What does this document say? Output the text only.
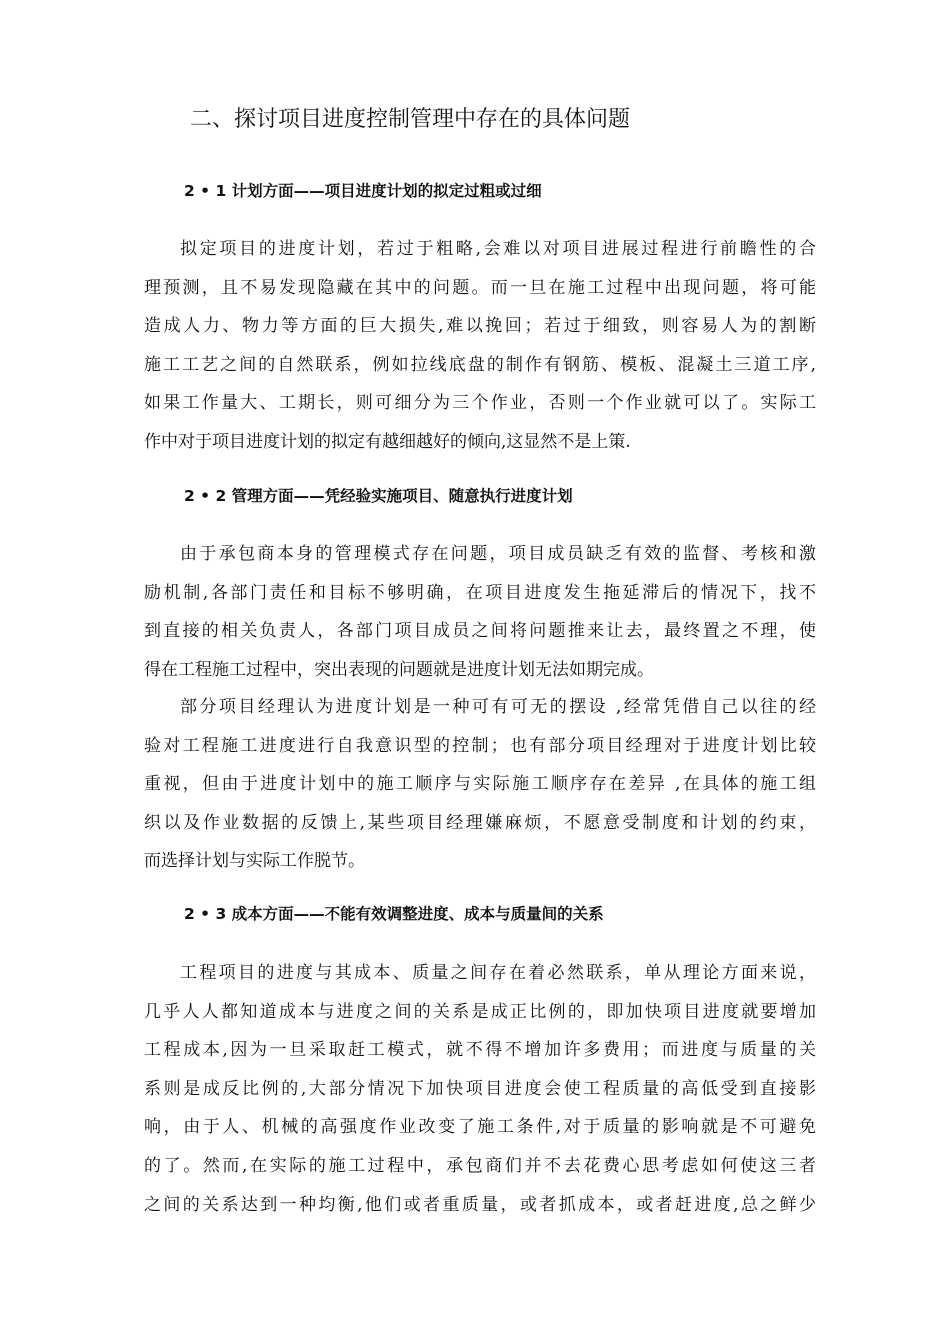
二、探讨项目进度控制管理中存在的具体问题
2 • 1 计划方面——项目进度计划的拟定过粗或过细
拟定项目的进度计划，若过于粗略,会难以对项目进展过程进行前瞻性的合
理预测，且不易发现隐藏在其中的问题。而一旦在施工过程中出现问题，将可能
造成人力、物力等方面的巨大损失,难以挽回；若过于细致，则容易人为的割断
施工工艺之间的自然联系，例如拉线底盘的制作有钢筋、模板、混凝土三道工序,
如果工作量大、工期长，则可细分为三个作业，否则一个作业就可以了。实际工
作中对于项目进度计划的拟定有越细越好的倾向,这显然不是上策.
2 • 2 管理方面——凭经验实施项目、随意执行进度计划
由于承包商本身的管理模式存在问题，项目成员缺乏有效的监督、考核和激
励机制,各部门责任和目标不够明确，在项目进度发生拖延滞后的情况下，找不
到直接的相关负责人，各部门项目成员之间将问题推来让去，最终置之不理，使
得在工程施工过程中，突出表现的问题就是进度计划无法如期完成。
部分项目经理认为进度计划是一种可有可无的摆设 ,经常凭借自己以往的经
验对工程施工进度进行自我意识型的控制；也有部分项目经理对于进度计划比较
重视，但由于进度计划中的施工顺序与实际施工顺序存在差异 ,在具体的施工组
织以及作业数据的反馈上,某些项目经理嫌麻烦，不愿意受制度和计划的约束，
而选择计划与实际工作脱节。
2 • 3 成本方面——不能有效调整进度、成本与质量间的关系
工程项目的进度与其成本、质量之间存在着必然联系，单从理论方面来说，
几乎人人都知道成本与进度之间的关系是成正比例的，即加快项目进度就要增加
工程成本,因为一旦采取赶工模式，就不得不增加许多费用；而进度与质量的关
系则是成反比例的,大部分情况下加快项目进度会使工程质量的高低受到直接影
响，由于人、机械的高强度作业改变了施工条件,对于质量的影响就是不可避免
的了。然而,在实际的施工过程中，承包商们并不去花费心思考虑如何使这三者
之间的关系达到一种均衡,他们或者重质量，或者抓成本，或者赶进度,总之鲜少
